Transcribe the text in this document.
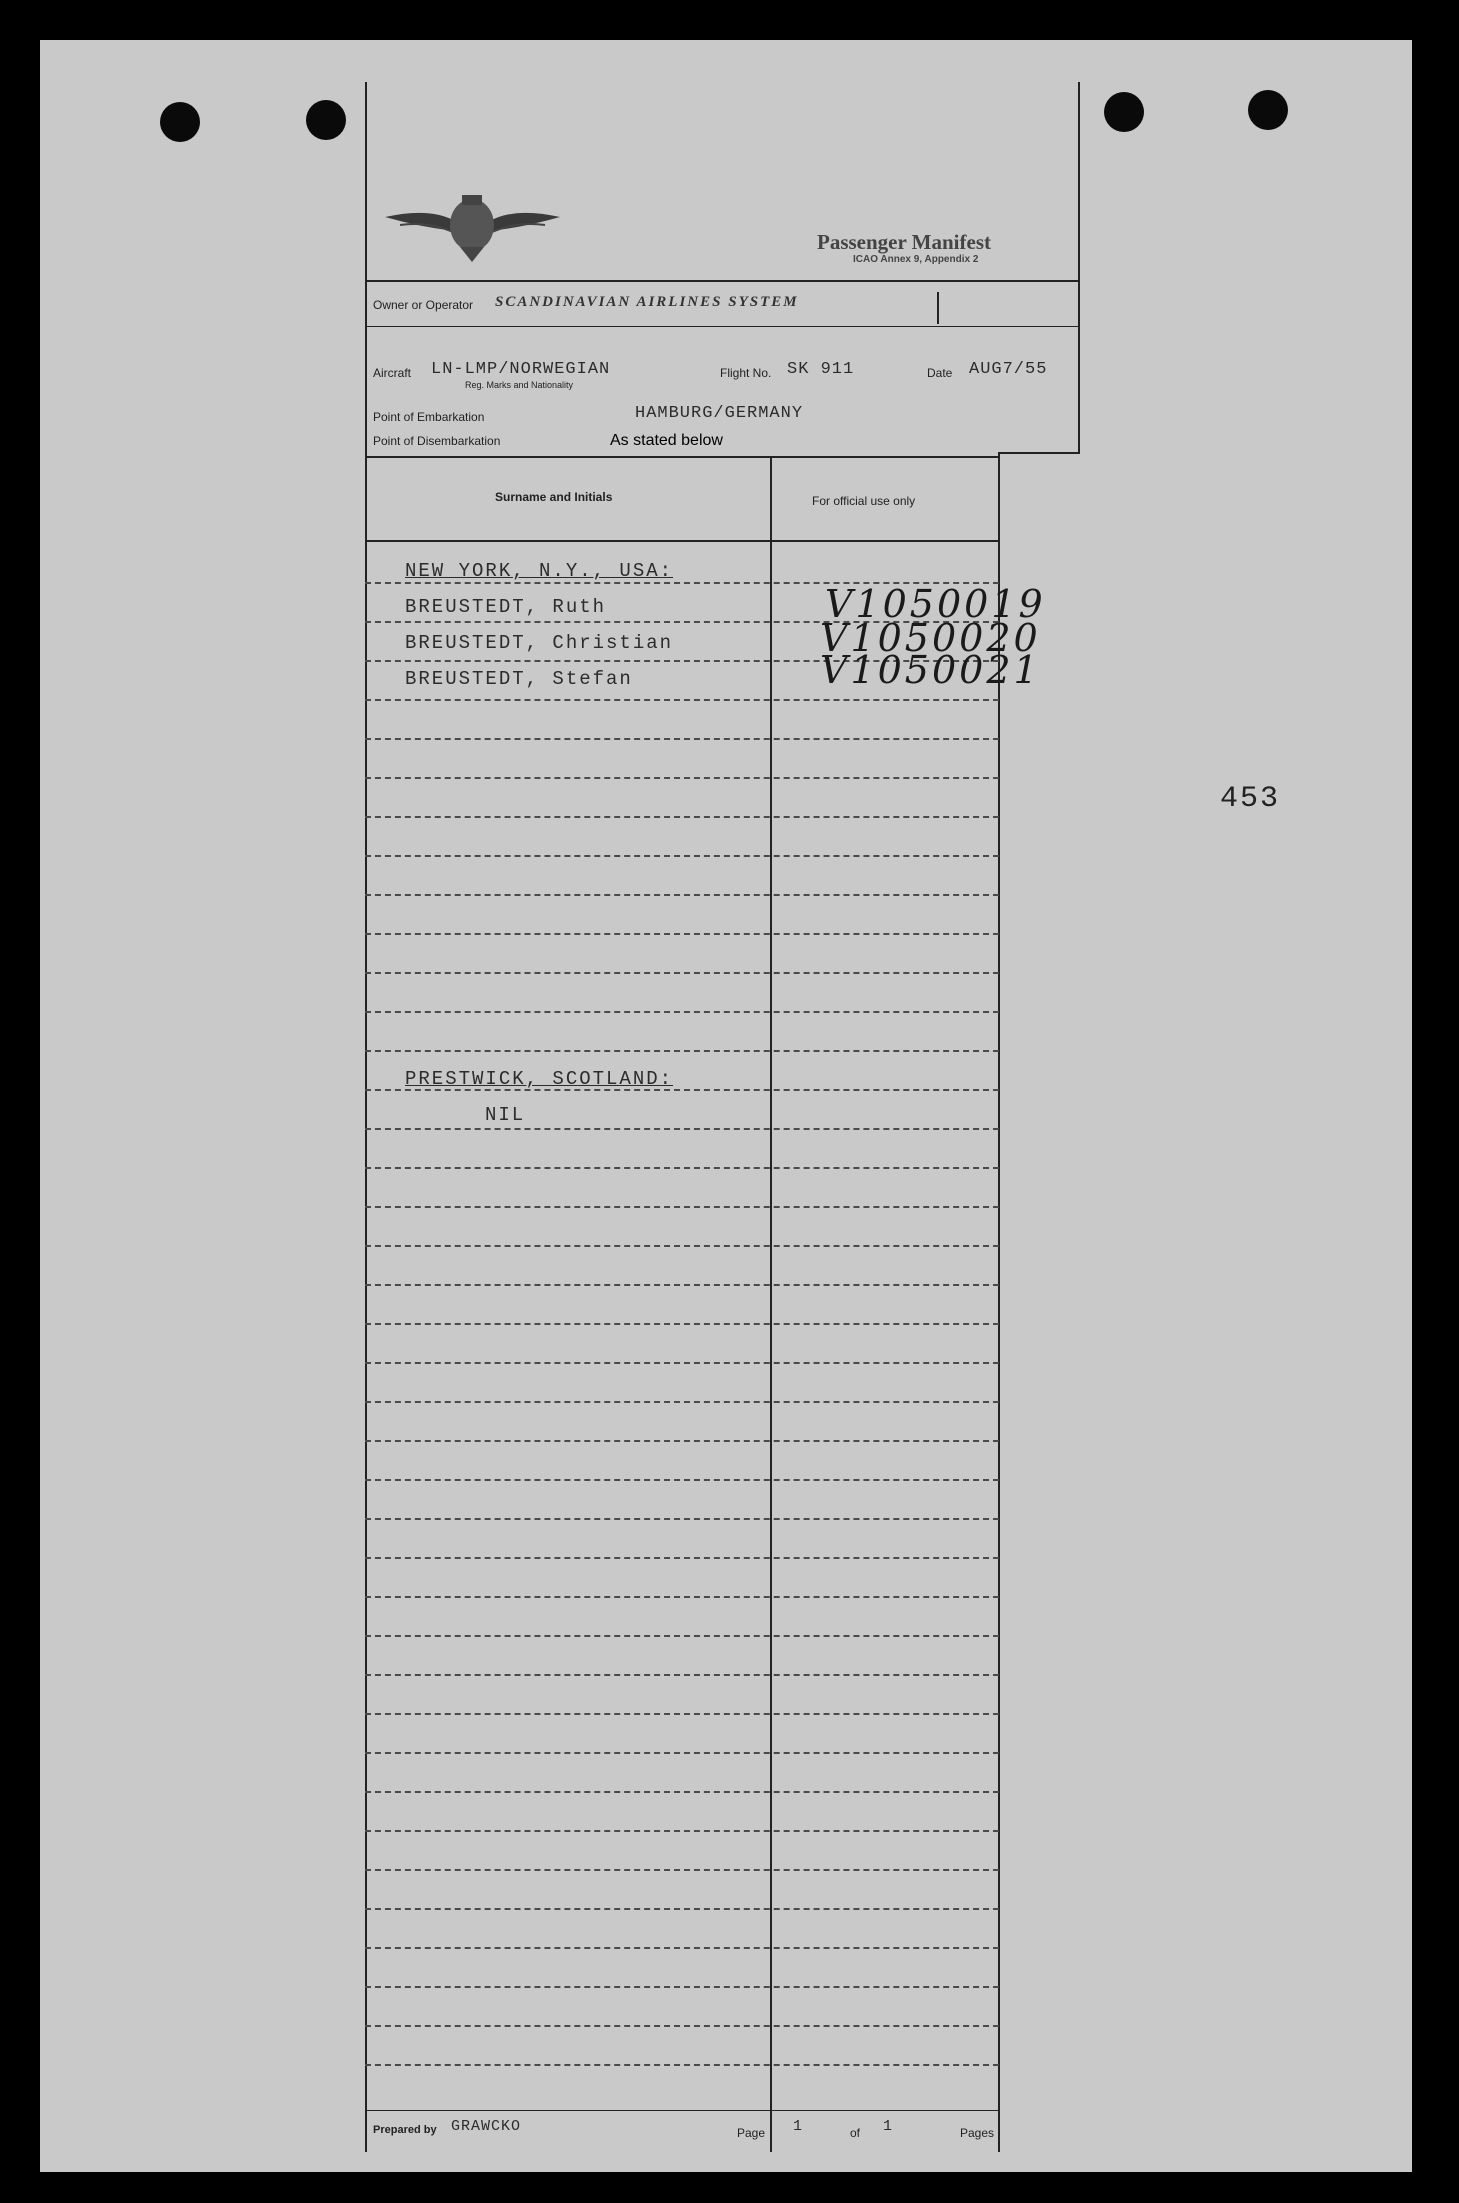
453
Passenger Manifest
ICAO Annex 9, Appendix 2
Owner or Operator SCANDINAVIAN AIRLINES SYSTEM
Aircraft LN-LMP/NORWEGIAN
Reg. Marks and Nationality
Flight No. SK 911	Date AUG7/55
Point of Embarkation	HAMBURG/GERMANY
Point of Disembarkation	As stated below
Surname and Initials	For official use only
NEW YORK, N.Y., USA:
BREUSTEDT, Ruth	V1050019
BREUSTEDT, Christian	V1050020
BREUSTEDT, Stefan	V1050021
PRESTWICK, SCOTLAND:
NIL
Prepared by GRAWCKO	Page 1	of 1	Pages
